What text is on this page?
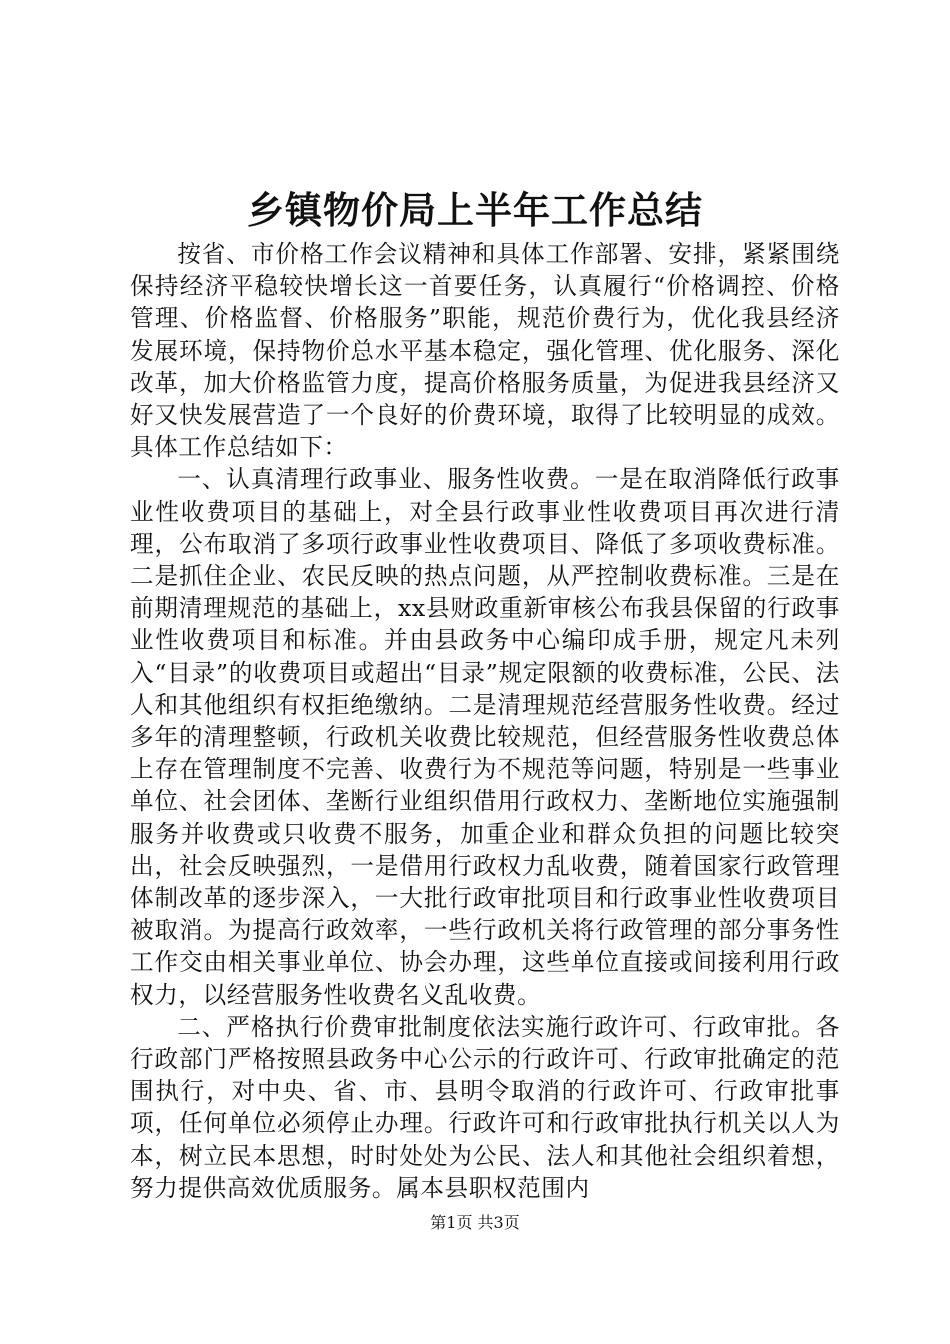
乡镇物价局上半年工作总结

按省、市价格工作会议精神和具体工作部署、安排，紧紧围绕保持经济平稳较快增长这一首要任务，认真履行“价格调控、价格管理、价格监督、价格服务”职能，规范价费行为，优化我县经济发展环境，保持物价总水平基本稳定，强化管理、优化服务、深化改革，加大价格监管力度，提高价格服务质量，为促进我县经济又好又快发展营造了一个良好的价费环境，取得了比较明显的成效。具体工作总结如下：

一、认真清理行政事业、服务性收费。一是在取消降低行政事业性收费项目的基础上，对全县行政事业性收费项目再次进行清理，公布取消了多项行政事业性收费项目、降低了多项收费标准。二是抓住企业、农民反映的热点问题，从严控制收费标准。三是在前期清理规范的基础上，xx县财政重新审核公布我县保留的行政事业性收费项目和标准。并由县政务中心编印成手册，规定凡未列入“目录”的收费项目或超出“目录”规定限额的收费标准，公民、法人和其他组织有权拒绝缴纳。二是清理规范经营服务性收费。经过多年的清理整顿，行政机关收费比较规范，但经营服务性收费总体上存在管理制度不完善、收费行为不规范等问题，特别是一些事业单位、社会团体、垄断行业组织借用行政权力、垄断地位实施强制服务并收费或只收费不服务，加重企业和群众负担的问题比较突出，社会反映强烈，一是借用行政权力乱收费，随着国家行政管理体制改革的逐步深入，一大批行政审批项目和行政事业性收费项目被取消。为提高行政效率，一些行政机关将行政管理的部分事务性工作交由相关事业单位、协会办理，这些单位直接或间接利用行政权力，以经营服务性收费名义乱收费。

二、严格执行价费审批制度依法实施行政许可、行政审批。各行政部门严格按照县政务中心公示的行政许可、行政审批确定的范围执行，对中央、省、市、县明令取消的行政许可、行政审批事项，任何单位必须停止办理。行政许可和行政审批执行机关以人为本，树立民本思想，时时处处为公民、法人和其他社会组织着想，努力提供高效优质服务。属本县职权范围内

第1页 共3页
